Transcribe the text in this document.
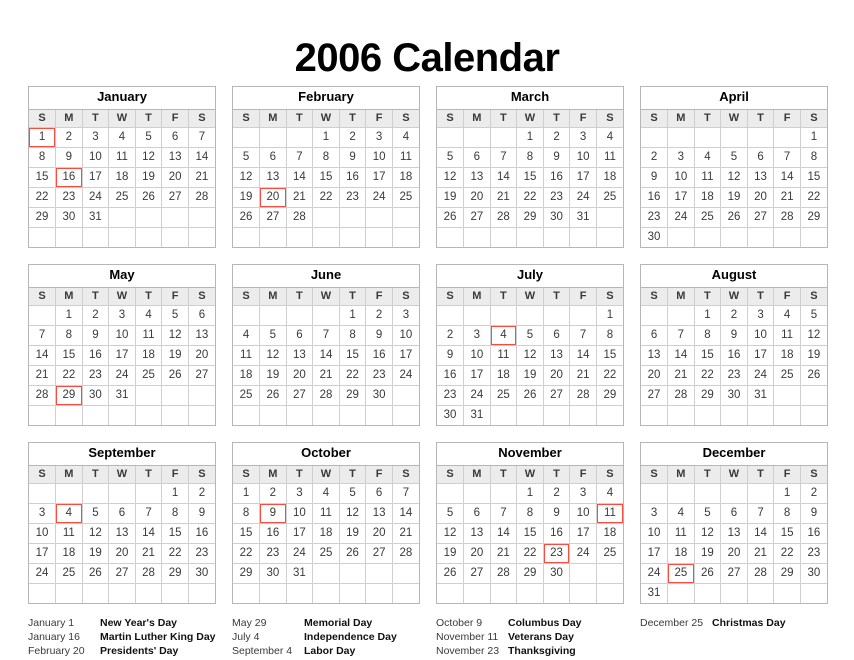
2006 Calendar
January
S	M	T	W	T	F	S
1	2	3	4	5	6	7
8	9	10	11	12	13	14
15	16	17	18	19	20	21
22	23	24	25	26	27	28
29	30	31				

February
S	M	T	W	T	F	S
			1	2	3	4
5	6	7	8	9	10	11
12	13	14	15	16	17	18
19	20	21	22	23	24	25
26	27	28				

March
S	M	T	W	T	F	S
			1	2	3	4
5	6	7	8	9	10	11
12	13	14	15	16	17	18
19	20	21	22	23	24	25
26	27	28	29	30	31	

April
S	M	T	W	T	F	S
						1
2	3	4	5	6	7	8
9	10	11	12	13	14	15
16	17	18	19	20	21	22
23	24	25	26	27	28	29
30						
May
S	M	T	W	T	F	S
	1	2	3	4	5	6
7	8	9	10	11	12	13
14	15	16	17	18	19	20
21	22	23	24	25	26	27
28	29	30	31			

June
S	M	T	W	T	F	S
				1	2	3
4	5	6	7	8	9	10
11	12	13	14	15	16	17
18	19	20	21	22	23	24
25	26	27	28	29	30	

July
S	M	T	W	T	F	S
						1
2	3	4	5	6	7	8
9	10	11	12	13	14	15
16	17	18	19	20	21	22
23	24	25	26	27	28	29
30	31					
August
S	M	T	W	T	F	S
		1	2	3	4	5
6	7	8	9	10	11	12
13	14	15	16	17	18	19
20	21	22	23	24	25	26
27	28	29	30	31		

September
S	M	T	W	T	F	S
					1	2
3	4	5	6	7	8	9
10	11	12	13	14	15	16
17	18	19	20	21	22	23
24	25	26	27	28	29	30

October
S	M	T	W	T	F	S
1	2	3	4	5	6	7
8	9	10	11	12	13	14
15	16	17	18	19	20	21
22	23	24	25	26	27	28
29	30	31				

November
S	M	T	W	T	F	S
			1	2	3	4
5	6	7	8	9	10	11
12	13	14	15	16	17	18
19	20	21	22	23	24	25
26	27	28	29	30		

December
S	M	T	W	T	F	S
					1	2
3	4	5	6	7	8	9
10	11	12	13	14	15	16
17	18	19	20	21	22	23
24	25	26	27	28	29	30
31						
January 1	New Year's Day
January 16	Martin Luther King Day
February 20	Presidents' Day
May 29	Memorial Day
July 4	Independence Day
September 4	Labor Day
October 9	Columbus Day
November 11 Veterans Day
November 23 Thanksgiving
December 25 Christmas Day
